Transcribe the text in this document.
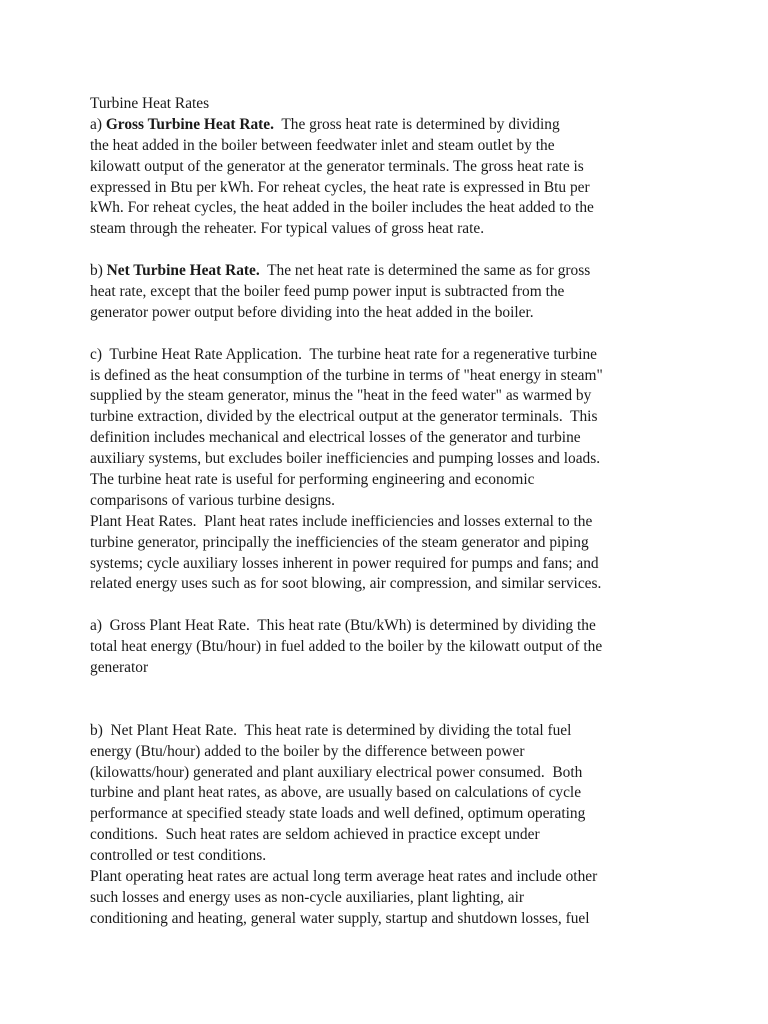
Turbine Heat Rates
a) Gross Turbine Heat Rate.  The gross heat rate is determined by dividing
the heat added in the boiler between feedwater inlet and steam outlet by the
kilowatt output of the generator at the generator terminals. The gross heat rate is
expressed in Btu per kWh. For reheat cycles, the heat rate is expressed in Btu per
kWh. For reheat cycles, the heat added in the boiler includes the heat added to the
steam through the reheater. For typical values of gross heat rate.
b) Net Turbine Heat Rate.  The net heat rate is determined the same as for gross
heat rate, except that the boiler feed pump power input is subtracted from the
generator power output before dividing into the heat added in the boiler.
c)  Turbine Heat Rate Application.  The turbine heat rate for a regenerative turbine
is defined as the heat consumption of the turbine in terms of "heat energy in steam"
supplied by the steam generator, minus the "heat in the feed water" as warmed by
turbine extraction, divided by the electrical output at the generator terminals.  This
definition includes mechanical and electrical losses of the generator and turbine
auxiliary systems, but excludes boiler inefficiencies and pumping losses and loads.
The turbine heat rate is useful for performing engineering and economic
comparisons of various turbine designs.
Plant Heat Rates.  Plant heat rates include inefficiencies and losses external to the
turbine generator, principally the inefficiencies of the steam generator and piping
systems; cycle auxiliary losses inherent in power required for pumps and fans; and
related energy uses such as for soot blowing, air compression, and similar services.
a)  Gross Plant Heat Rate.  This heat rate (Btu/kWh) is determined by dividing the
total heat energy (Btu/hour) in fuel added to the boiler by the kilowatt output of the
generator
b)  Net Plant Heat Rate.  This heat rate is determined by dividing the total fuel
energy (Btu/hour) added to the boiler by the difference between power
(kilowatts/hour) generated and plant auxiliary electrical power consumed.  Both
turbine and plant heat rates, as above, are usually based on calculations of cycle
performance at specified steady state loads and well defined, optimum operating
conditions.  Such heat rates are seldom achieved in practice except under
controlled or test conditions.
Plant operating heat rates are actual long term average heat rates and include other
such losses and energy uses as non-cycle auxiliaries, plant lighting, air
conditioning and heating, general water supply, startup and shutdown losses, fuel
